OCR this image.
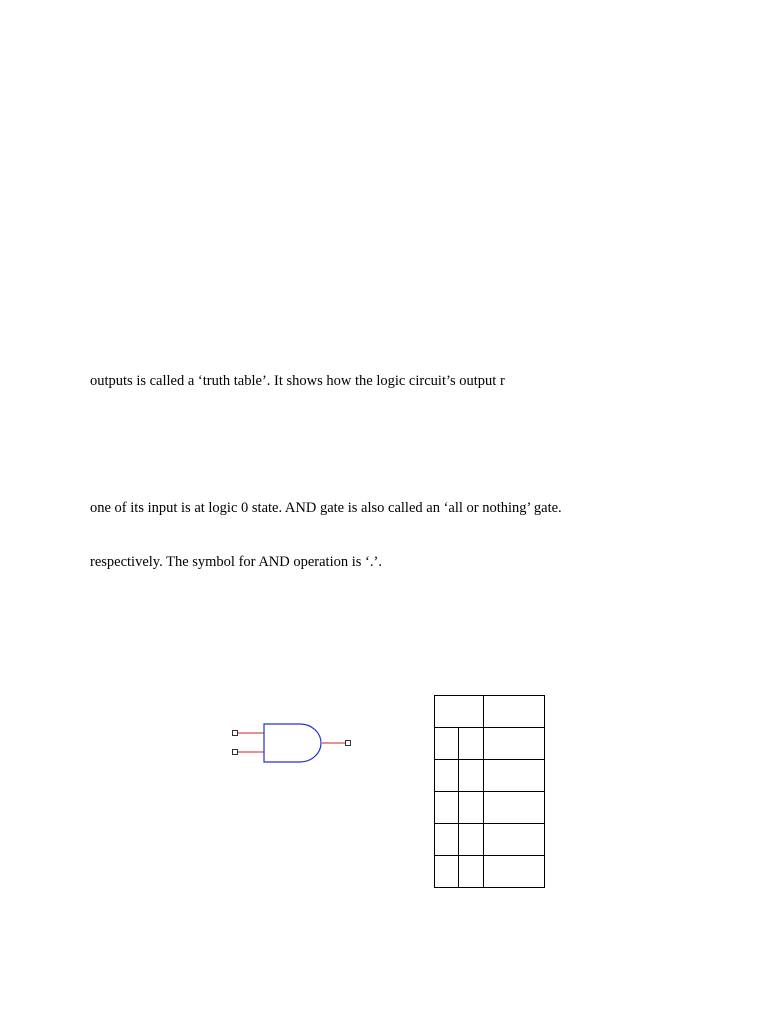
outputs is called a ‘truth table’. It shows how the logic circuit’s output r

one of its input is at logic 0 state. AND gate is also called an ‘all or nothing’ gate.

respectively. The symbol for AND operation is ‘.’.
